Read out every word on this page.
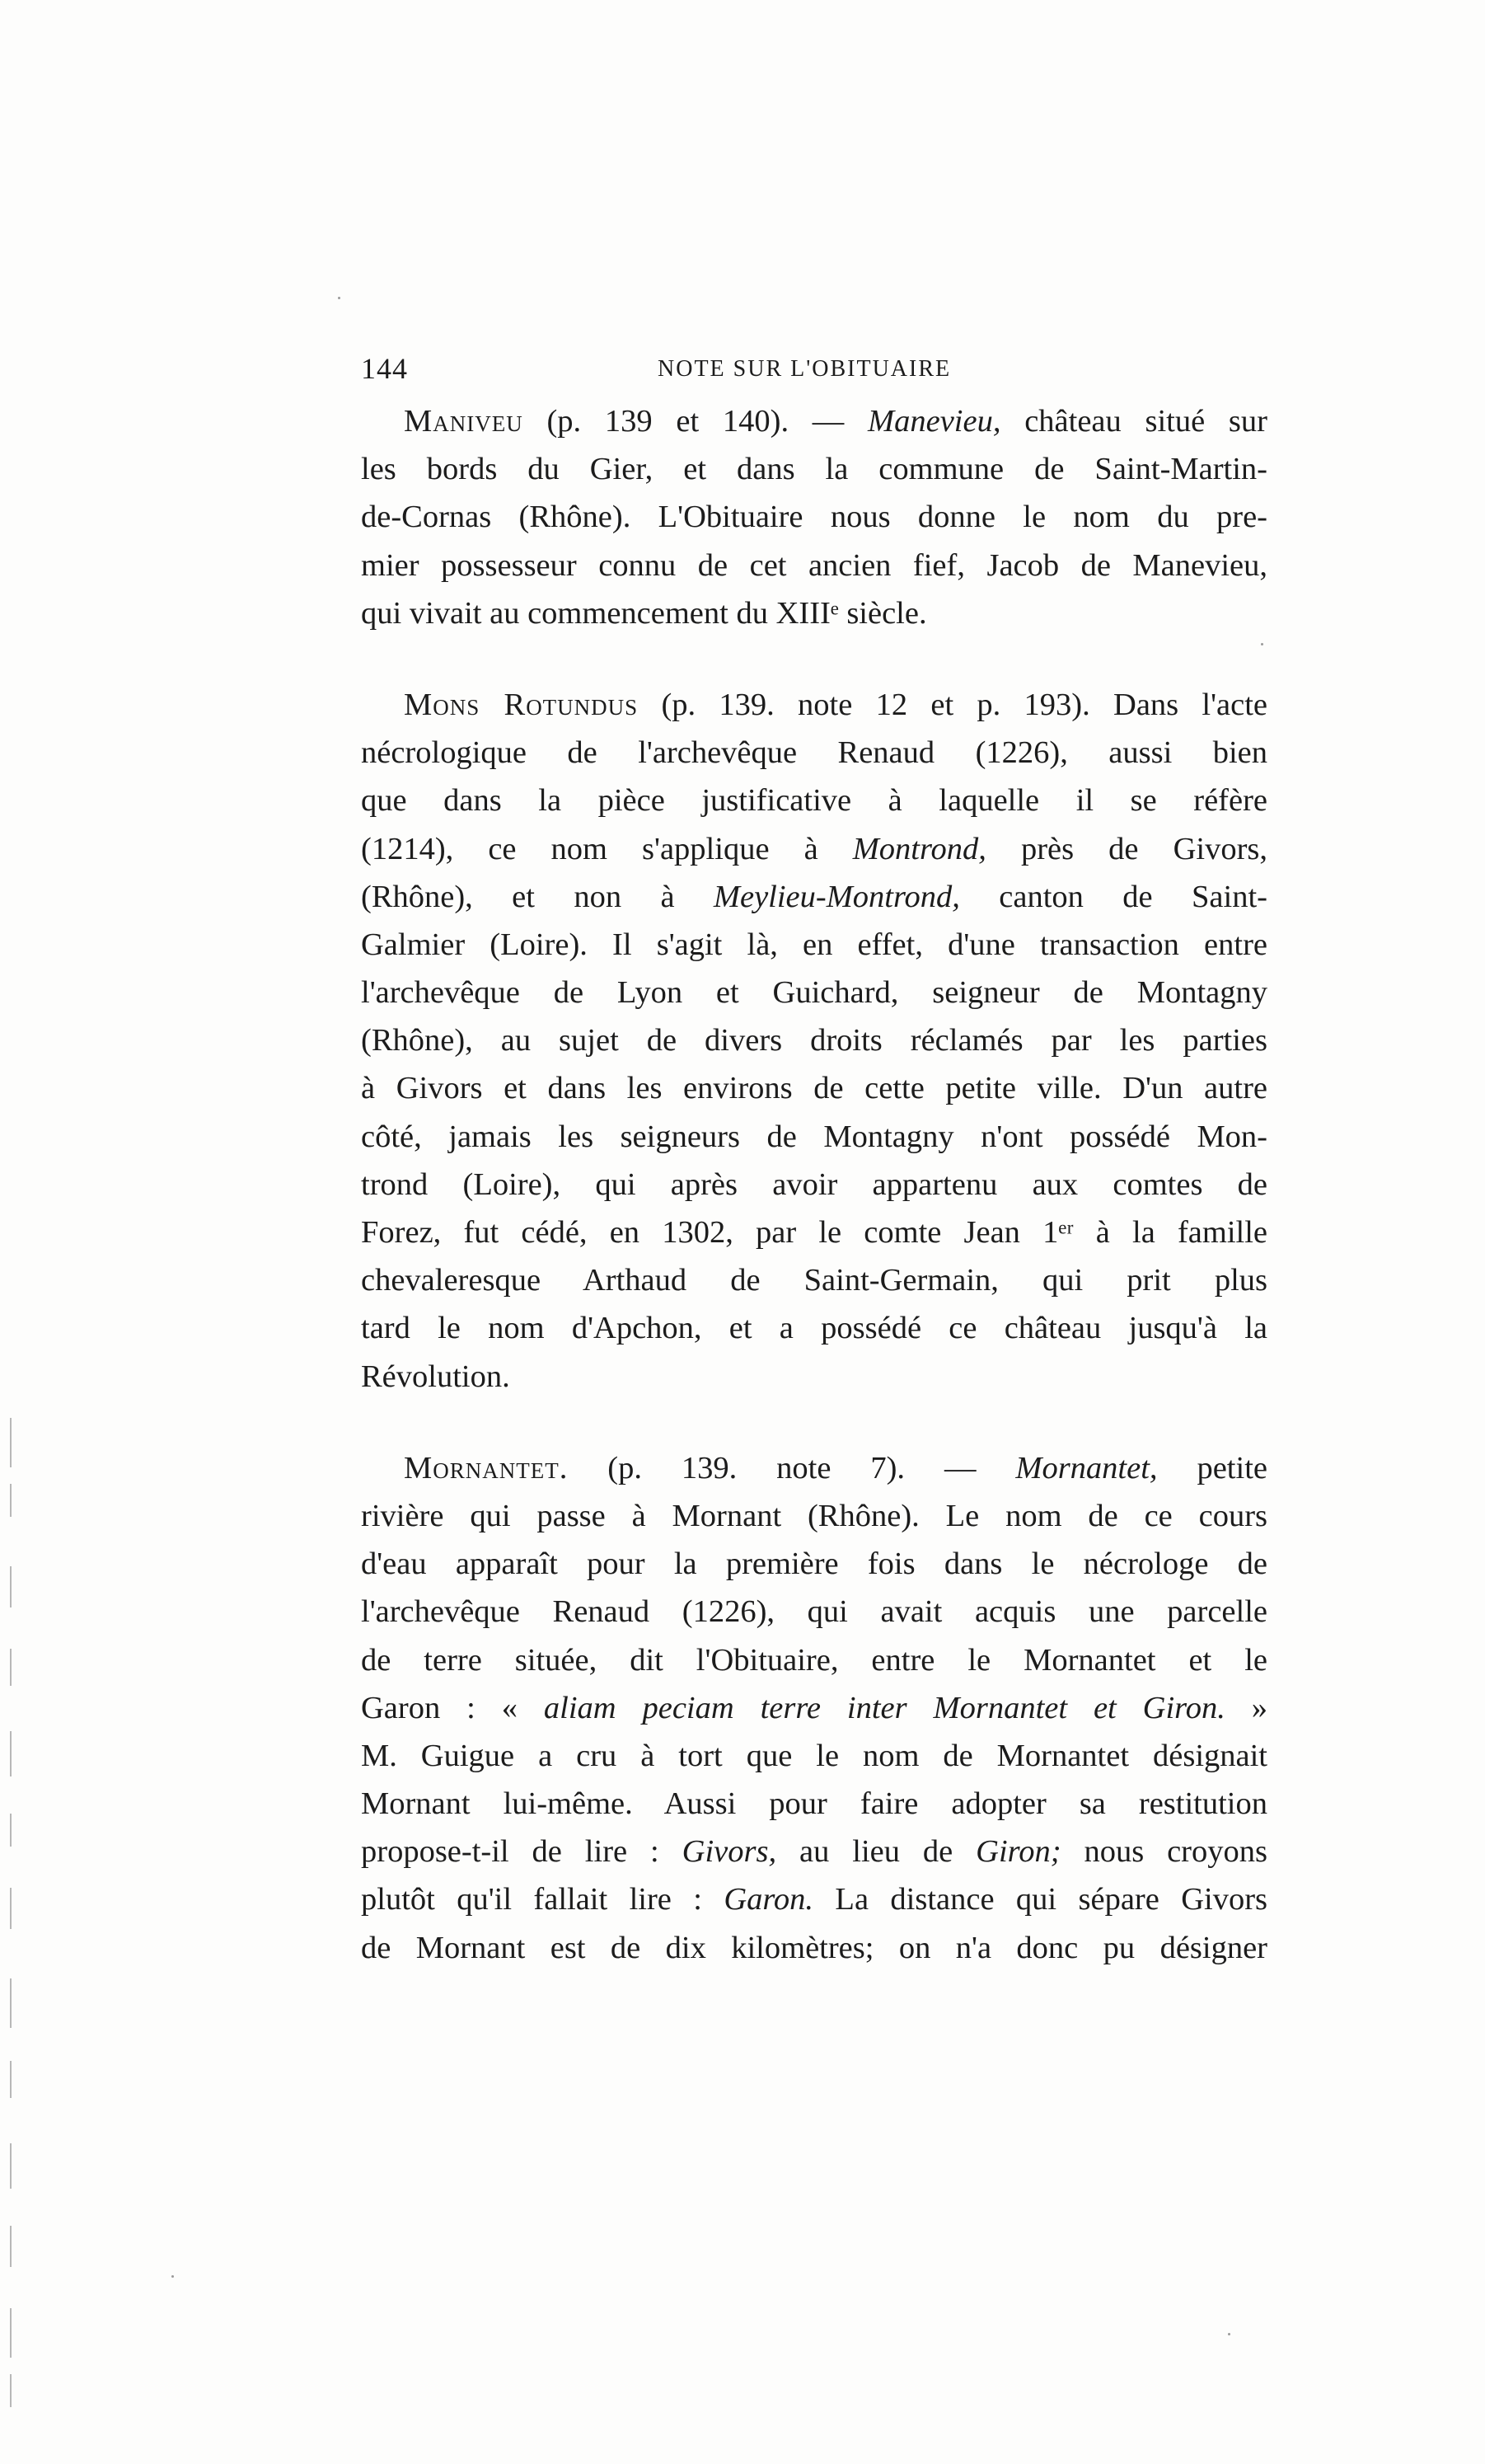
144	NOTE SUR L'OBITUAIRE
Maniveu (p. 139 et 140). — Manevieu, château situé sur
les bords du Gier, et dans la commune de Saint-Martin-
de-Cornas (Rhône). L'Obituaire nous donne le nom du pre-
mier possesseur connu de cet ancien fief, Jacob de Manevieu,
qui vivait au commencement du XIIIᵉ siècle.
Mons Rotundus (p. 139. note 12 et p. 193). Dans l'acte
nécrologique de l'archevêque Renaud (1226), aussi bien
que dans la pièce justificative à laquelle il se réfère
(1214), ce nom s'applique à Montrond, près de Givors,
(Rhône), et non à Meylieu-Montrond, canton de Saint-
Galmier (Loire). Il s'agit là, en effet, d'une transaction entre
l'archevêque de Lyon et Guichard, seigneur de Montagny
(Rhône), au sujet de divers droits réclamés par les parties
à Givors et dans les environs de cette petite ville. D'un autre
côté, jamais les seigneurs de Montagny n'ont possédé Mon-
trond (Loire), qui après avoir appartenu aux comtes de
Forez, fut cédé, en 1302, par le comte Jean 1ᵉʳ à la famille
chevaleresque Arthaud de Saint-Germain, qui prit plus
tard le nom d'Apchon, et a possédé ce château jusqu'à la
Révolution.
Mornantet. (p. 139. note 7). — Mornantet, petite
rivière qui passe à Mornant (Rhône). Le nom de ce cours
d'eau apparaît pour la première fois dans le nécrologe de
l'archevêque Renaud (1226), qui avait acquis une parcelle
de terre située, dit l'Obituaire, entre le Mornantet et le
Garon : « aliam peciam terre inter Mornantet et Giron. »
M. Guigue a cru à tort que le nom de Mornantet désignait
Mornant lui-même. Aussi pour faire adopter sa restitution
propose-t-il de lire : Givors, au lieu de Giron; nous croyons
plutôt qu'il fallait lire : Garon. La distance qui sépare Givors
de Mornant est de dix kilomètres; on n'a donc pu désigner
